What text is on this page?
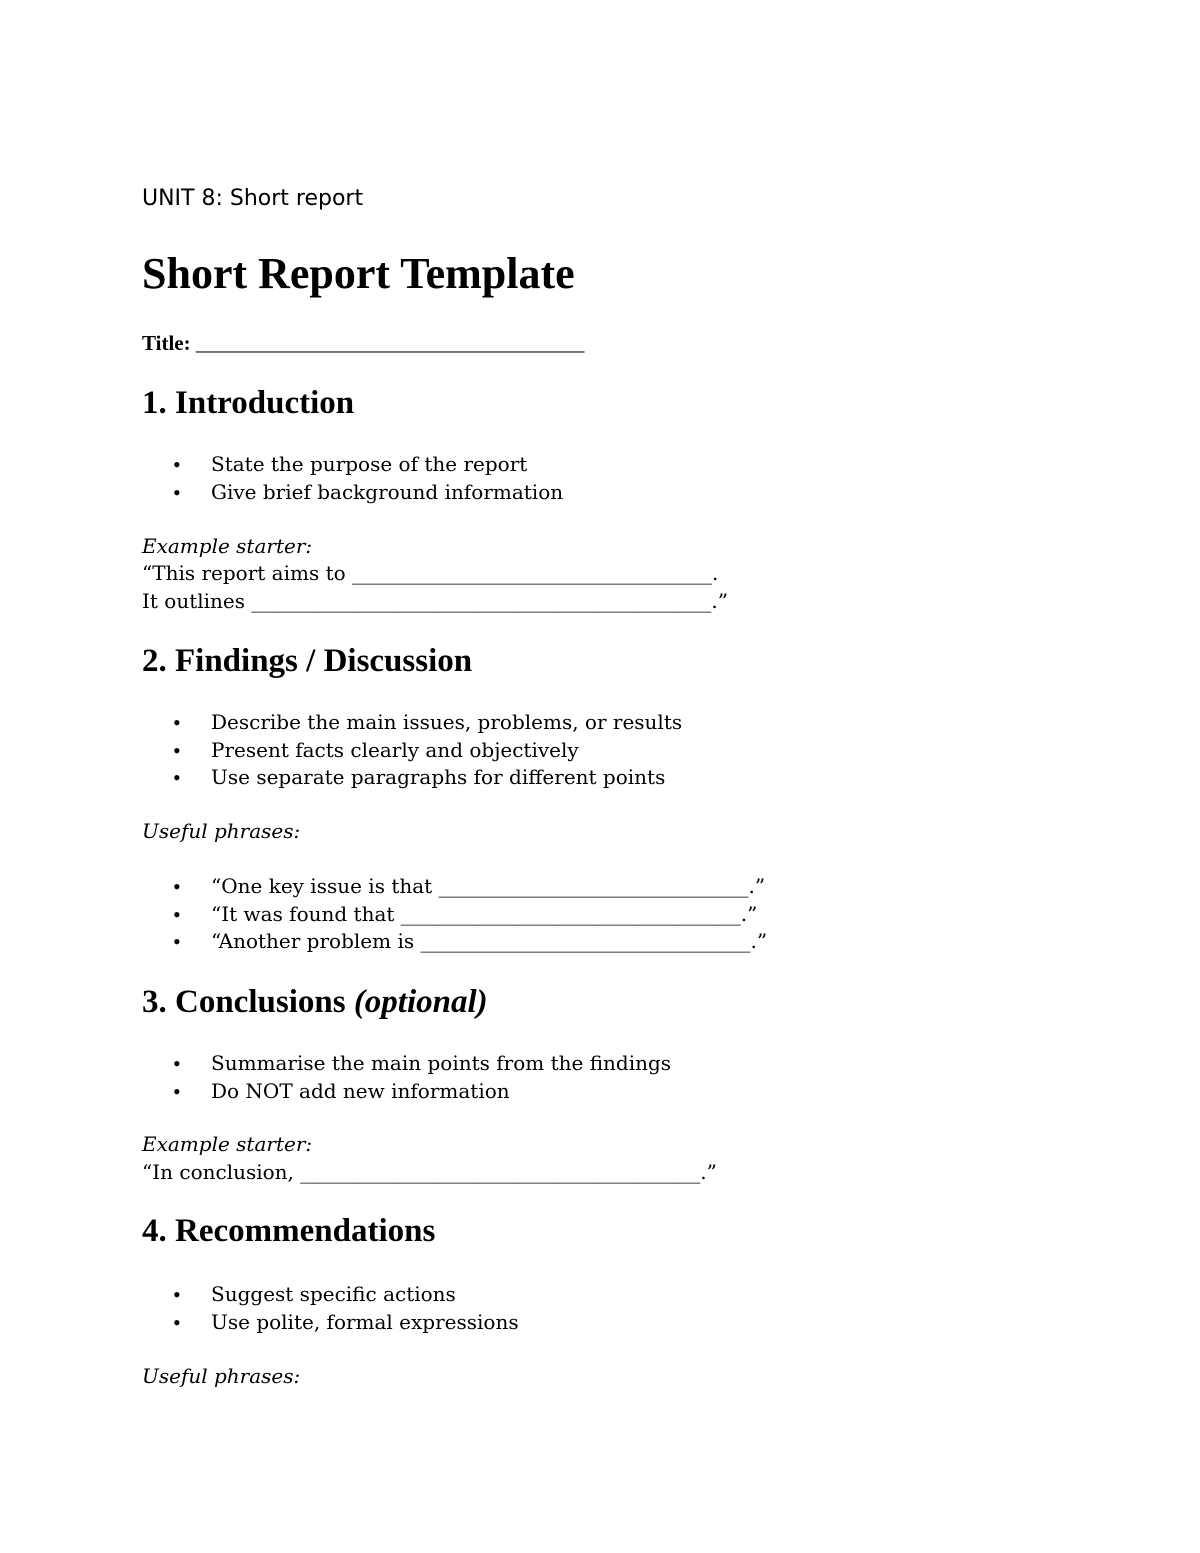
UNIT 8: Short report
Short Report Template
Title: _____________________________________
1. Introduction
• State the purpose of the report
• Give brief background information
Example starter:
“This report aims to ____________________________________.
It outlines ______________________________________________.”
2. Findings / Discussion
• Describe the main issues, problems, or results
• Present facts clearly and objectively
• Use separate paragraphs for different points
Useful phrases:
• “One key issue is that _______________________________.”
• “It was found that __________________________________.”
• “Another problem is _________________________________.”
3. Conclusions (optional)
• Summarise the main points from the findings
• Do NOT add new information
Example starter:
“In conclusion, ________________________________________.”
4. Recommendations
• Suggest specific actions
• Use polite, formal expressions
Useful phrases:
